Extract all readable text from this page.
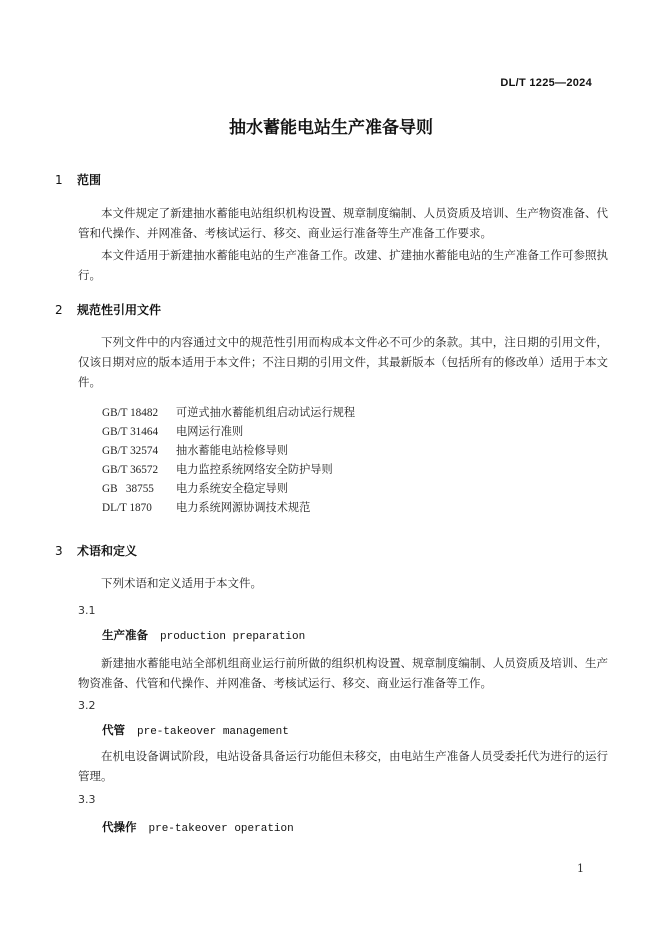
DL/T 1225—2024
抽水蓄能电站生产准备导则
1 范围
本文件规定了新建抽水蓄能电站组织机构设置、规章制度编制、人员资质及培训、生产物资准备、代管和代操作、并网准备、考核试运行、移交、商业运行准备等生产准备工作要求。
本文件适用于新建抽水蓄能电站的生产准备工作。改建、扩建抽水蓄能电站的生产准备工作可参照执行。
2 规范性引用文件
下列文件中的内容通过文中的规范性引用而构成本文件必不可少的条款。其中，注日期的引用文件，仅该日期对应的版本适用于本文件；不注日期的引用文件，其最新版本（包括所有的修改单）适用于本文件。
GB/T 18482 可逆式抽水蓄能机组启动试运行规程
GB/T 31464 电网运行准则
GB/T 32574 抽水蓄能电站检修导则
GB/T 36572 电力监控系统网络安全防护导则
GB   38755 电力系统安全稳定导则
DL/T 1870 电力系统网源协调技术规范
3 术语和定义
下列术语和定义适用于本文件。
3.1
生产准备 production preparation
新建抽水蓄能电站全部机组商业运行前所做的组织机构设置、规章制度编制、人员资质及培训、生产物资准备、代管和代操作、并网准备、考核试运行、移交、商业运行准备等工作。
3.2
代管 pre-takeover management
在机电设备调试阶段，电站设备具备运行功能但未移交，由电站生产准备人员受委托代为进行的运行管理。
3.3
代操作 pre-takeover operation
1
